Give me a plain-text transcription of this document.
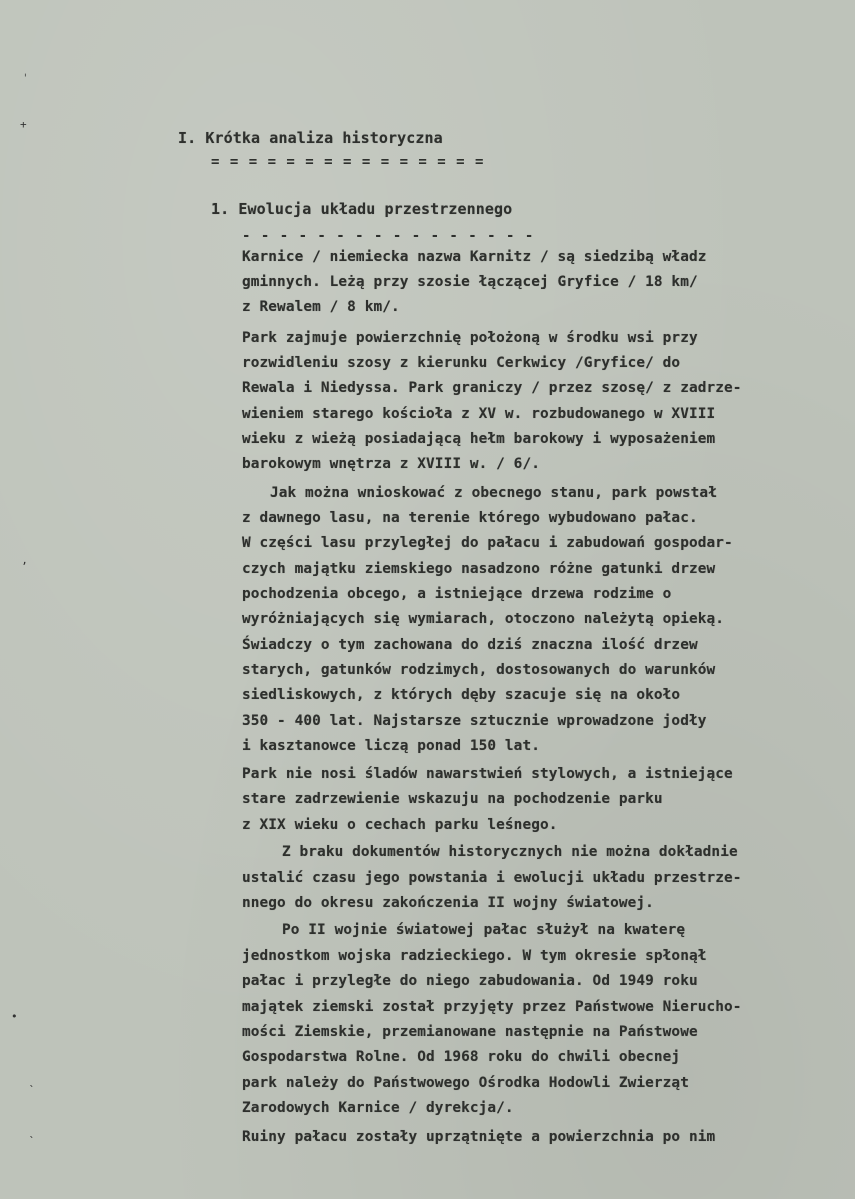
ˌ
+
ʼ
•
ˎ
ˎ
I. Krótka analiza historyczna
= = = = = = = = = = = = = = =
1. Ewolucja układu przestrzennego
- - - - - - - - - - - - - - - -
Karnice / niemiecka nazwa Karnitz / są siedzibą władz
gminnych. Leżą przy szosie łączącej Gryfice / 18 km/
z Rewalem / 8 km/.
Park zajmuje powierzchnię położoną w środku wsi przy
rozwidleniu szosy z kierunku Cerkwicy /Gryfice/ do
Rewala i Niedyssa. Park graniczy / przez szosę/ z zadrze-
wieniem starego kościoła z XV w. rozbudowanego w XVIII
wieku z wieżą posiadającą hełm barokowy i wyposażeniem
barokowym wnętrza z XVIII w. / 6/.
Jak można wnioskować z obecnego stanu, park powstał
z dawnego lasu, na terenie którego wybudowano pałac.
W części lasu przyległej do pałacu i zabudowań gospodar-
czych majątku ziemskiego nasadzono różne gatunki drzew
pochodzenia obcego, a istniejące drzewa rodzime o
wyróżniających się wymiarach, otoczono należytą opieką.
Świadczy o tym zachowana do dziś znaczna ilość drzew
starych, gatunków rodzimych, dostosowanych do warunków
siedliskowych, z których dęby szacuje się na około
350 - 400 lat. Najstarsze sztucznie wprowadzone jodły
i kasztanowce liczą ponad 150 lat.
Park nie nosi śladów nawarstwień stylowych, a istniejące
stare zadrzewienie wskazuju na pochodzenie parku
z XIX wieku o cechach parku leśnego.
Z braku dokumentów historycznych nie można dokładnie
ustalić czasu jego powstania i ewolucji układu przestrze-
nnego do okresu zakończenia II wojny światowej.
Po II wojnie światowej pałac służył na kwaterę
jednostkom wojska radzieckiego. W tym okresie spłonął
pałac i przyległe do niego zabudowania. Od 1949 roku
majątek ziemski został przyjęty przez Państwowe Nierucho-
mości Ziemskie, przemianowane następnie na Państwowe
Gospodarstwa Rolne. Od 1968 roku do chwili obecnej
park należy do Państwowego Ośrodka Hodowli Zwierząt
Zarodowych Karnice / dyrekcja/.
Ruiny pałacu zostały uprzątnięte a powierzchnia po nim
